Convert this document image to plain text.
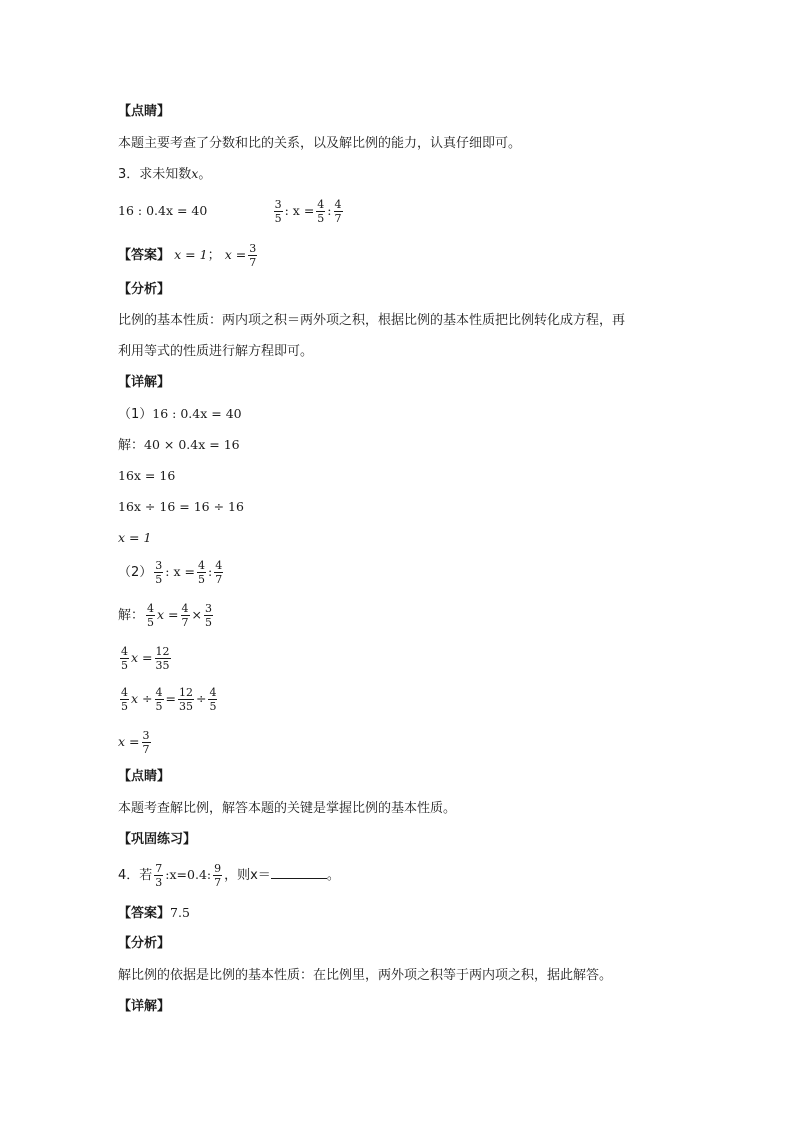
【点睛】
本题主要考查了分数和比的关系，以及解比例的能力，认真仔细即可。
3．求未知数x。
16 : 0.4x = 40	$\frac{3}{5}$ : $x = \frac{4}{5}$ : $\frac{4}{7}$
【答案】 x = 1； $x = \frac{3}{7}$
【分析】
比例的基本性质：两内项之积＝两外项之积，根据比例的基本性质把比例转化成方程，再
利用等式的性质进行解方程即可。
【详解】
（1）16 : 0.4x = 40
解：40 × 0.4x = 16
16x = 16
16x ÷ 16 = 16 ÷ 16
x = 1
$(2) \frac{3}{5}$ : $x = \frac{4}{5}$ : $\frac{4}{7}$
解： $\frac{4}{5}$ $x = \frac{4}{7} \times \frac{3}{5}$
$\frac{4}{5}$ $x = \frac{12}{35}$
$\frac{4}{5}$ $x \div \frac{4}{5} = \frac{12}{35} \div \frac{4}{5}$
$x = \frac{3}{7}$
【点睛】
本题考查解比例，解答本题的关键是掌握比例的基本性质。
【巩固练习】
4．若 $\frac{7}{3}$ :x=0.4: $\frac{9}{7}$ ，则x＝	。
【答案】7.5
【分析】
解比例的依据是比例的基本性质：在比例里，两外项之积等于两内项之积，据此解答。
【详解】
